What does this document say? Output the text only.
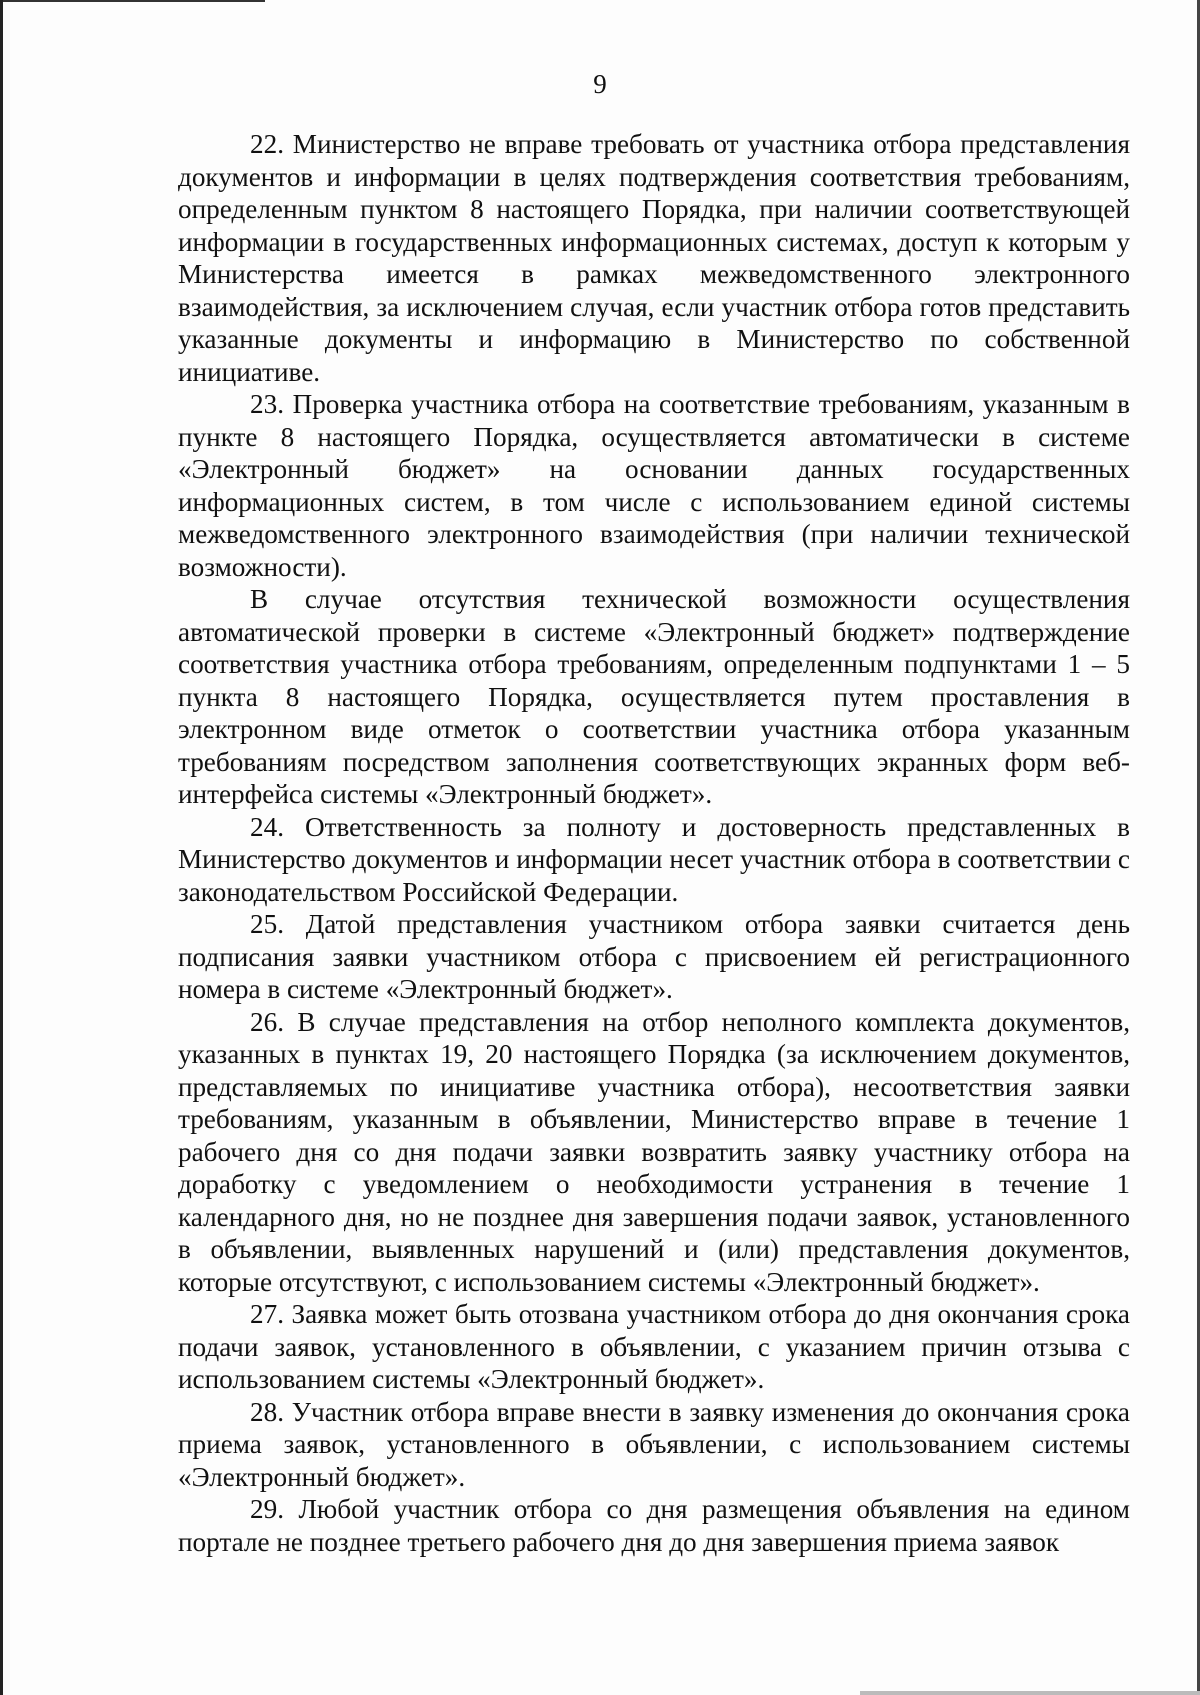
9

22. Министерство не вправе требовать от участника отбора представления документов и информации в целях подтверждения соответствия требованиям, определенным пунктом 8 настоящего Порядка, при наличии соответствующей информации в государственных информационных системах, доступ к которым у Министерства имеется в рамках межведомственного электронного взаимодействия, за исключением случая, если участник отбора готов представить указанные документы и информацию в Министерство по собственной инициативе.

23. Проверка участника отбора на соответствие требованиям, указанным в пункте 8 настоящего Порядка, осуществляется автоматически в системе «Электронный бюджет» на основании данных государственных информационных систем, в том числе с использованием единой системы межведомственного электронного взаимодействия (при наличии технической возможности).

В случае отсутствия технической возможности осуществления автоматической проверки в системе «Электронный бюджет» подтверждение соответствия участника отбора требованиям, определенным подпунктами 1 – 5 пункта 8 настоящего Порядка, осуществляется путем проставления в электронном виде отметок о соответствии участника отбора указанным требованиям посредством заполнения соответствующих экранных форм веб-интерфейса системы «Электронный бюджет».

24. Ответственность за полноту и достоверность представленных в Министерство документов и информации несет участник отбора в соответствии с законодательством Российской Федерации.

25. Датой представления участником отбора заявки считается день подписания заявки участником отбора с присвоением ей регистрационного номера в системе «Электронный бюджет».

26. В случае представления на отбор неполного комплекта документов, указанных в пунктах 19, 20 настоящего Порядка (за исключением документов, представляемых по инициативе участника отбора), несоответствия заявки требованиям, указанным в объявлении, Министерство вправе в течение 1 рабочего дня со дня подачи заявки возвратить заявку участнику отбора на доработку с уведомлением о необходимости устранения в течение 1 календарного дня, но не позднее дня завершения подачи заявок, установленного в объявлении, выявленных нарушений и (или) представления документов, которые отсутствуют, с использованием системы «Электронный бюджет».

27. Заявка может быть отозвана участником отбора до дня окончания срока подачи заявок, установленного в объявлении, с указанием причин отзыва с использованием системы «Электронный бюджет».

28. Участник отбора вправе внести в заявку изменения до окончания срока приема заявок, установленного в объявлении, с использованием системы «Электронный бюджет».

29. Любой участник отбора со дня размещения объявления на едином портале не позднее третьего рабочего дня до дня завершения приема заявок
